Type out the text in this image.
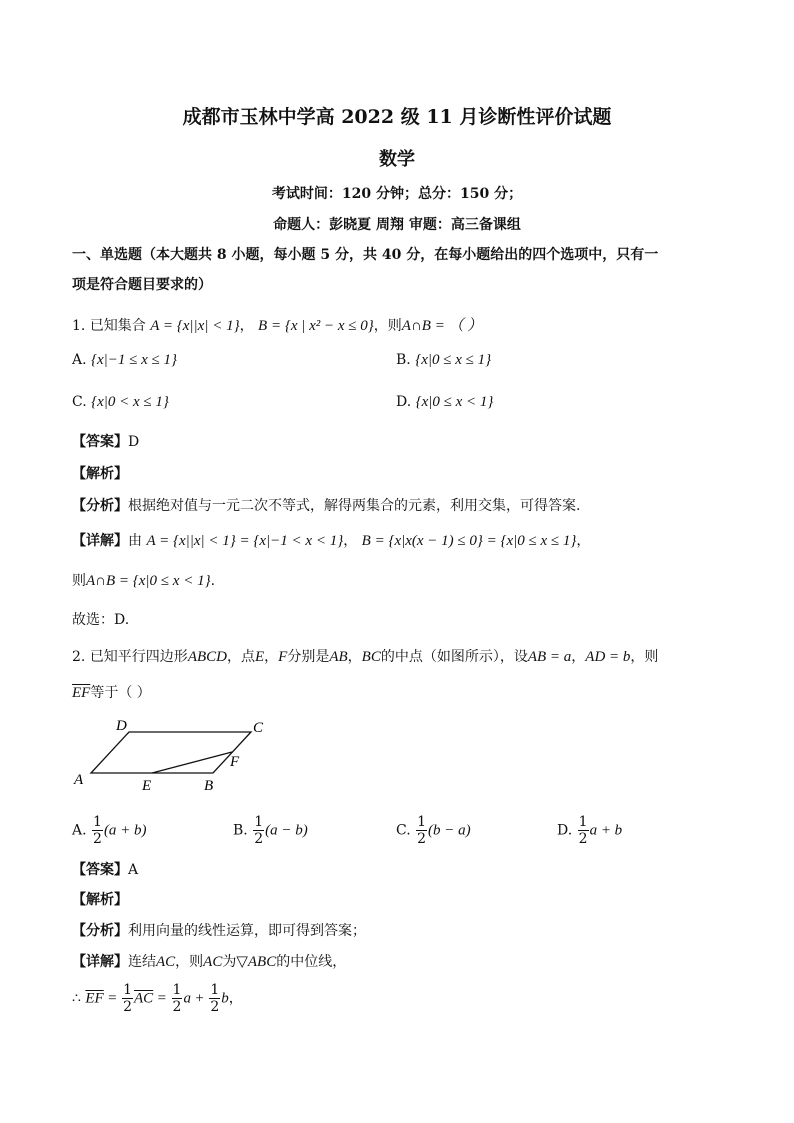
成都市玉林中学高 2022 级 11 月诊断性评价试题
数学
考试时间：120 分钟；总分：150 分；
命题人：彭晓夏 周翔 审题：高三备课组
一、单选题（本大题共 8 小题，每小题 5 分，共 40 分，在每小题给出的四个选项中，只有一
项是符合题目要求的）
1. 已知集合 A = {x||x| < 1}， B = {x | x² − x ≤ 0}，则A∩B = （ ）
A. {x|−1 ≤ x ≤ 1}	B. {x|0 ≤ x ≤ 1}
C. {x|0 < x ≤ 1}	D. {x|0 ≤ x < 1}
【答案】D
【解析】
【分析】根据绝对值与一元二次不等式，解得两集合的元素，利用交集，可得答案.
【详解】由 A = {x||x| < 1} = {x|−1 < x < 1}， B = {x|x(x − 1) ≤ 0} = {x|0 ≤ x ≤ 1}，
则A∩B = {x|0 ≤ x < 1}.
故选：D.
2. 已知平行四边形ABCD，点E，F分别是AB，BC的中点（如图所示），设AB = a，AD = b，则
$\overline{EF}$等于（ ）
A
D	C
E	B
F
A. $\frac{1}{2} (a + b)$	B. $\frac{1}{2} (a - b)$	C. $\frac{1}{2} (b - a)$	D. $\frac{1}{2}$ a + b
【答案】A
【解析】
【分析】利用向量的线性运算，即可得到答案；
【详解】连结AC，则AC为▽ABC的中位线，
∴ $\overline{EF} = \frac{1}{2} \overline{AC} = \frac{1}{2}$ $a + \frac{1}{2}$ b，
